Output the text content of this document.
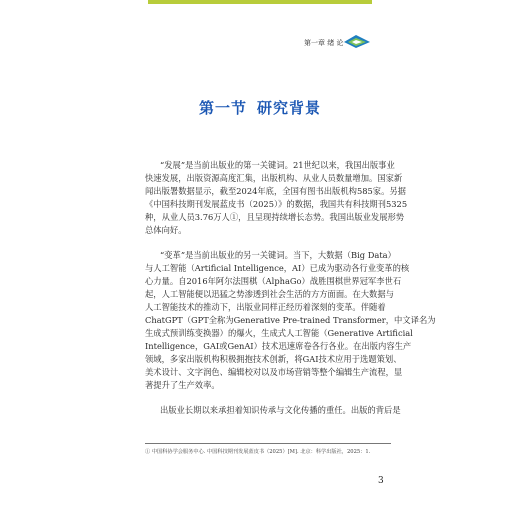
第一章 绪 论
第一节 研究背景
“发展”是当前出版业的第一关键词。21世纪以来，我国出版事业
快速发展，出版资源高度汇集，出版机构、从业人员数量增加。国家新
闻出版署数据显示，截至2024年底，全国有图书出版机构585家。另据
《中国科技期刊发展蓝皮书（2025）》的数据，我国共有科技期刊5325
种，从业人员3.76万人①，且呈现持续增长态势。我国出版业发展形势
总体向好。
“变革”是当前出版业的另一关键词。当下，大数据（Big Data）
与人工智能（Artificial Intelligence，AI）已成为驱动各行业变革的核
心力量。自2016年阿尔法围棋（AlphaGo）战胜围棋世界冠军李世石
起，人工智能便以迅猛之势渗透到社会生活的方方面面。在大数据与
人工智能技术的推动下，出版业同样正经历着深刻的变革。伴随着
ChatGPT（GPT全称为Generative Pre-trained Transformer，中文译名为
生成式预训练变换器）的爆火，生成式人工智能（Generative Artificial
Intelligence，GAI或GenAI）技术迅速席卷各行各业。在出版内容生产
领域，多家出版机构积极拥抱技术创新，将GAI技术应用于选题策划、
美术设计、文字润色、编辑校对以及市场营销等整个编辑生产流程，显
著提升了生产效率。
出版业长期以来承担着知识传承与文化传播的重任。出版的背后是
① 中国科协学会服务中心. 中国科技期刊发展蓝皮书（2025）[M]. 北京：科学出版社，2025：1.
3
